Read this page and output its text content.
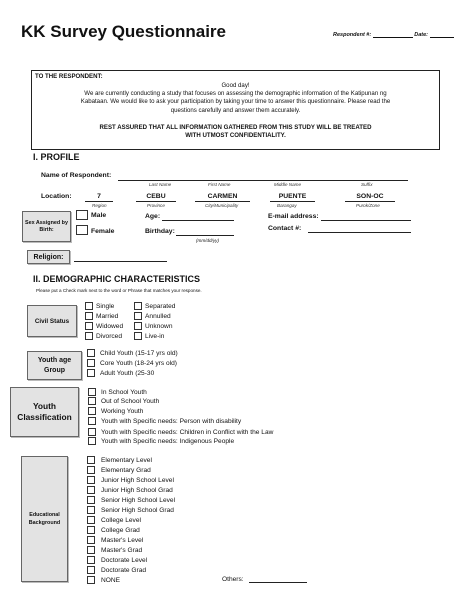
KK Survey Questionnaire	Respondent #:	Date:
TO THE RESPONDENT:
Good day!
We are currently conducting a study that focuses on assessing the demographic information of the Katipunan ng Kabataan. We would like to ask your participation by taking your time to answer this questionnaire. Please read the questions carefully and answer them accurately.
REST ASSURED THAT ALL INFORMATION GATHERED FROM THIS STUDY WILL BE TREATED WITH UTMOST CONFIDENTIALITY.
I. PROFILE
Name of Respondent:
Last Name	First Name	Middle Name	Suffix
Location:	7	CEBU	CARMEN	PUENTE	SON-OC
Region	Province	City/Municipality	Barangay	Purok/Zone
Sex Assigned by Birth:
Male
Female
Age:
Birthday:
(mm/dd/yy)
E-mail address:
Contact #:
Religion:
II. DEMOGRAPHIC CHARACTERISTICS
Please put a Check mark next to the word or Phrase that matches your response.
Civil Status
Single	Separated
Married	Annulled
Widowed	Unknown
Divorced	Live-in
Youth age Group
Child Youth (15-17 yrs old)
Core Youth (18-24 yrs old)
Adult Youth (25-30
Youth Classification
In School Youth
Out of School Youth
Working Youth
Youth with Specific needs: Person with disability
Youth with Specific needs: Children in Conflict with the Law
Youth with Specific needs: Indigenous People
Educational Background
Elementary Level
Elementary Grad
Junior High School Level
Junior High School Grad
Senior High School Level
Senior High School Grad
College Level
College Grad
Master's Level
Master's Grad
Doctorate Level
Doctorate Grad
NONE	Others:
